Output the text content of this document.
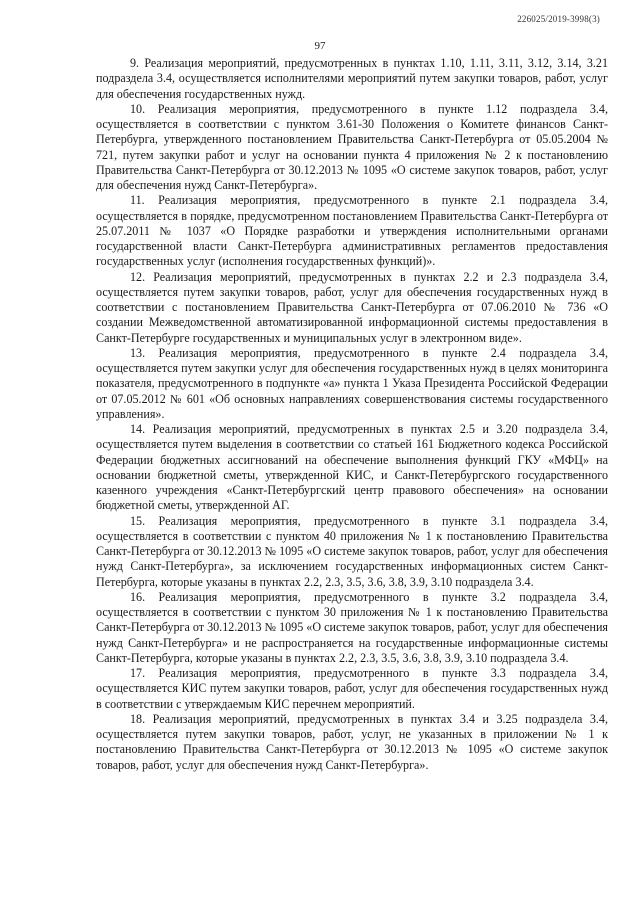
226025/2019-3998(3)
97

9. Реализация мероприятий, предусмотренных в пунктах 1.10, 1.11, 3.11, 3.12, 3.14, 3.21 подраздела 3.4, осуществляется исполнителями мероприятий путем закупки товаров, работ, услуг для обеспечения государственных нужд.

10. Реализация мероприятия, предусмотренного в пункте 1.12 подраздела 3.4, осуществляется в соответствии с пунктом 3.61-30 Положения о Комитете финансов Санкт-Петербурга, утвержденного постановлением Правительства Санкт-Петербурга от 05.05.2004 № 721, путем закупки работ и услуг на основании пункта 4 приложения № 2 к постановлению Правительства Санкт-Петербурга от 30.12.2013 № 1095 «О системе закупок товаров, работ, услуг для обеспечения нужд Санкт-Петербурга».

11. Реализация мероприятия, предусмотренного в пункте 2.1 подраздела 3.4, осуществляется в порядке, предусмотренном постановлением Правительства Санкт-Петербурга от 25.07.2011 № 1037 «О Порядке разработки и утверждения исполнительными органами государственной власти Санкт-Петербурга административных регламентов предоставления государственных услуг (исполнения государственных функций)».

12. Реализация мероприятий, предусмотренных в пунктах 2.2 и 2.3 подраздела 3.4, осуществляется путем закупки товаров, работ, услуг для обеспечения государственных нужд в соответствии с постановлением Правительства Санкт-Петербурга от 07.06.2010 № 736 «О создании Межведомственной автоматизированной информационной системы предоставления в Санкт-Петербурге государственных и муниципальных услуг в электронном виде».

13. Реализация мероприятия, предусмотренного в пункте 2.4 подраздела 3.4, осуществляется путем закупки услуг для обеспечения государственных нужд в целях мониторинга показателя, предусмотренного в подпункте «а» пункта 1 Указа Президента Российской Федерации от 07.05.2012 № 601 «Об основных направлениях совершенствования системы государственного управления».

14. Реализация мероприятий, предусмотренных в пунктах 2.5 и 3.20 подраздела 3.4, осуществляется путем выделения в соответствии со статьей 161 Бюджетного кодекса Российской Федерации бюджетных ассигнований на обеспечение выполнения функций ГКУ «МФЦ» на основании бюджетной сметы, утвержденной КИС, и Санкт-Петербургского государственного казенного учреждения «Санкт-Петербургский центр правового обеспечения» на основании бюджетной сметы, утвержденной АГ.

15. Реализация мероприятия, предусмотренного в пункте 3.1 подраздела 3.4, осуществляется в соответствии с пунктом 40 приложения № 1 к постановлению Правительства Санкт-Петербурга от 30.12.2013 № 1095 «О системе закупок товаров, работ, услуг для обеспечения нужд Санкт-Петербурга», за исключением государственных информационных систем Санкт-Петербурга, которые указаны в пунктах 2.2, 2.3, 3.5, 3.6, 3.8, 3.9, 3.10 подраздела 3.4.

16. Реализация мероприятия, предусмотренного в пункте 3.2 подраздела 3.4, осуществляется в соответствии с пунктом 30 приложения № 1 к постановлению Правительства Санкт-Петербурга от 30.12.2013 № 1095 «О системе закупок товаров, работ, услуг для обеспечения нужд Санкт-Петербурга» и не распространяется на государственные информационные системы Санкт-Петербурга, которые указаны в пунктах 2.2, 2.3, 3.5, 3.6, 3.8, 3.9, 3.10 подраздела 3.4.

17. Реализация мероприятия, предусмотренного в пункте 3.3 подраздела 3.4, осуществляется КИС путем закупки товаров, работ, услуг для обеспечения государственных нужд в соответствии с утверждаемым КИС перечнем мероприятий.

18. Реализация мероприятий, предусмотренных в пунктах 3.4 и 3.25 подраздела 3.4, осуществляется путем закупки товаров, работ, услуг, не указанных в приложении № 1 к постановлению Правительства Санкт-Петербурга от 30.12.2013 № 1095 «О системе закупок товаров, работ, услуг для обеспечения нужд Санкт-Петербурга».
